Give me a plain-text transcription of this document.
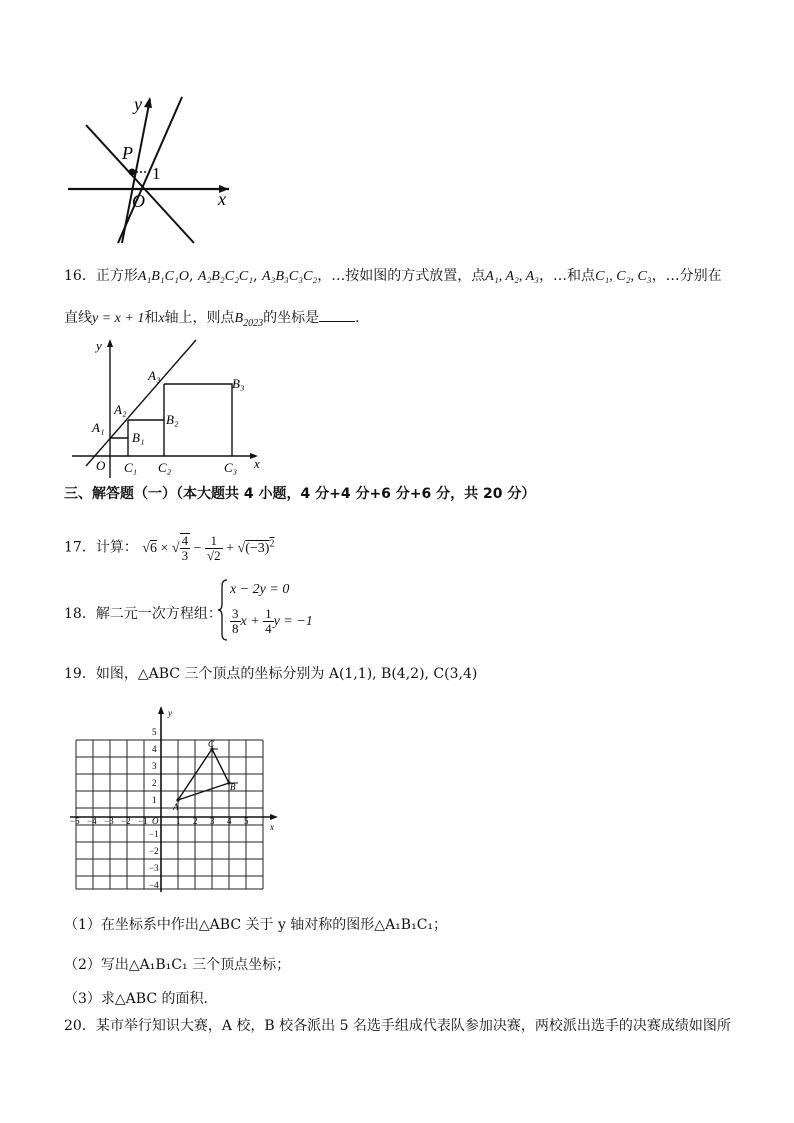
y
x
P
1
O
16．正方形A₁B₁C₁O, A₂B₂C₂C₁, A₃B₃C₃C₂，…按如图的方式放置，点A₁, A₂, A₃，…和点C₁, C₂, C₃，…分别在
直线y = x + 1和x轴上，则点$B_{2023}$的坐标是	．
y
x
O
A₁
A₂
A₃
B₁
B₂
B₃
C₁ C₂	C₃
三、解答题（一）（本大题共 4 小题，4 分+4 分+6 分+6 分，共 20 分）
17．计算： √6 × √ $\frac{4}{3} - \frac{1}{√2} + √(-3)^2$
18．解二元一次方程组：
x − 2y = 0
$\frac{3}{8}$ $x + \frac{1}{4}$ y = −1
19．如图，△ABC 三个顶点的坐标分别为 A(1,1), B(4,2), C(3,4)
y
x
O
A
B
C
−5 −4 −3 −2 −1	1 2 3 4 5
5
4
3
2
1
−1
−2
−3
−4
（1）在坐标系中作出△ABC 关于 y 轴对称的图形△A₁B₁C₁；
（2）写出△A₁B₁C₁ 三个顶点坐标；
（3）求△ABC 的面积．
20．某市举行知识大赛，A 校，B 校各派出 5 名选手组成代表队参加决赛，两校派出选手的决赛成绩如图所
